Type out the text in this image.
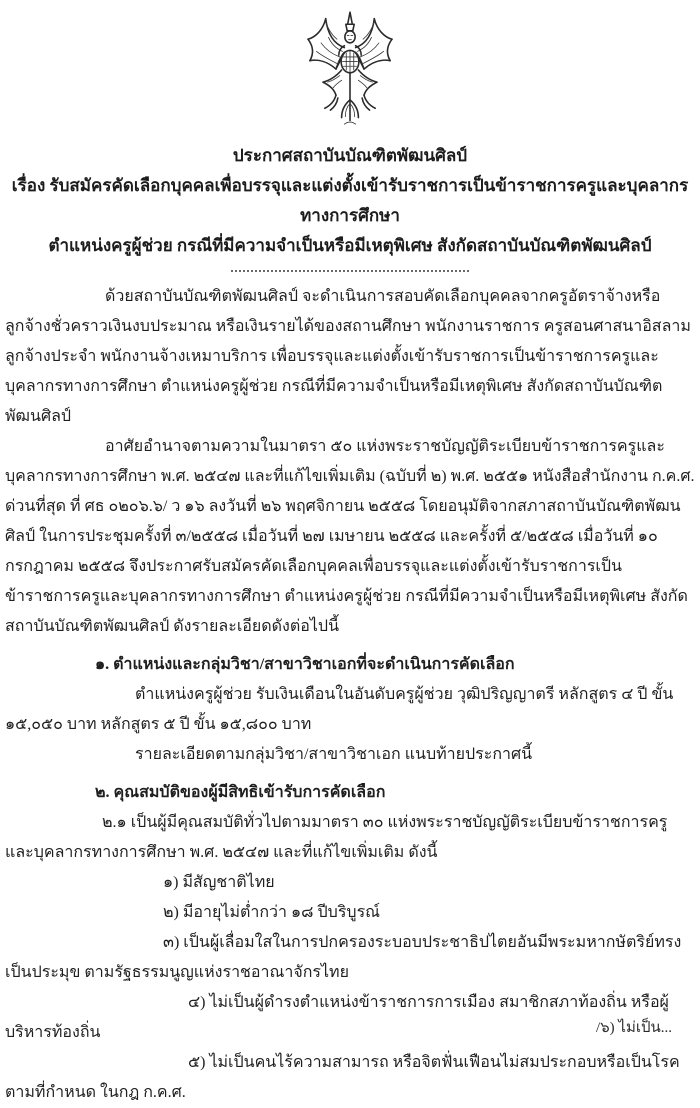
ประกาศสถาบันบัณฑิตพัฒนศิลป์
เรื่อง รับสมัครคัดเลือกบุคคลเพื่อบรรจุและแต่งตั้งเข้ารับราชการเป็นข้าราชการครูและบุคลากรทางการศึกษา
ตำแหน่งครูผู้ช่วย กรณีที่มีความจำเป็นหรือมีเหตุพิเศษ สังกัดสถาบันบัณฑิตพัฒนศิลป์

ด้วยสถาบันบัณฑิตพัฒนศิลป์ จะดำเนินการสอบคัดเลือกบุคคลจากครูอัตราจ้างหรือลูกจ้างชั่วคราวเงินงบประมาณ หรือเงินรายได้ของสถานศึกษา พนักงานราชการ ครูสอนศาสนาอิสลาม ลูกจ้างประจำ พนักงานจ้างเหมาบริการ เพื่อบรรจุและแต่งตั้งเข้ารับราชการเป็นข้าราชการครูและบุคลากรทางการศึกษา ตำแหน่งครูผู้ช่วย กรณีที่มีความจำเป็นหรือมีเหตุพิเศษ สังกัดสถาบันบัณฑิตพัฒนศิลป์

อาศัยอำนาจตามความในมาตรา ๕๐ แห่งพระราชบัญญัติระเบียบข้าราชการครูและบุคลากรทางการศึกษา พ.ศ. ๒๕๔๗ และที่แก้ไขเพิ่มเติม (ฉบับที่ ๒) พ.ศ. ๒๕๕๑ หนังสือสำนักงาน ก.ค.ศ. ด่วนที่สุด ที่ ศธ ๐๒๐๖.๖/ ว ๑๖ ลงวันที่ ๒๖ พฤศจิกายน ๒๕๕๘ โดยอนุมัติจากสภาสถาบันบัณฑิตพัฒนศิลป์ ในการประชุมครั้งที่ ๓/๒๕๕๘ เมื่อวันที่ ๒๗ เมษายน ๒๕๕๘ และครั้งที่ ๕/๒๕๕๘ เมื่อวันที่ ๑๐ กรกฎาคม ๒๕๕๘ จึงประกาศรับสมัครคัดเลือกบุคคลเพื่อบรรจุและแต่งตั้งเข้ารับราชการเป็นข้าราชการครูและบุคลากรทางการศึกษา ตำแหน่งครูผู้ช่วย กรณีที่มีความจำเป็นหรือมีเหตุพิเศษ สังกัดสถาบันบัณฑิตพัฒนศิลป์ ดังรายละเอียดดังต่อไปนี้

๑. ตำแหน่งและกลุ่มวิชา/สาขาวิชาเอกที่จะดำเนินการคัดเลือก

ตำแหน่งครูผู้ช่วย รับเงินเดือนในอันดับครูผู้ช่วย วุฒิปริญญาตรี หลักสูตร ๔ ปี ขั้น ๑๕,๐๕๐ บาท หลักสูตร ๕ ปี ขั้น ๑๕,๘๐๐ บาท

รายละเอียดตามกลุ่มวิชา/สาขาวิชาเอก แนบท้ายประกาศนี้

๒. คุณสมบัติของผู้มีสิทธิเข้ารับการคัดเลือก

๒.๑ เป็นผู้มีคุณสมบัติทั่วไปตามมาตรา ๓๐ แห่งพระราชบัญญัติระเบียบข้าราชการครูและบุคลากรทางการศึกษา พ.ศ. ๒๕๔๗ และที่แก้ไขเพิ่มเติม ดังนี้

๑) มีสัญชาติไทย

๒) มีอายุไม่ต่ำกว่า ๑๘ ปีบริบูรณ์

๓) เป็นผู้เลื่อมใสในการปกครองระบอบประชาธิปไตยอันมีพระมหากษัตริย์ทรงเป็นประมุข ตามรัฐธรรมนูญแห่งราชอาณาจักรไทย

๔) ไม่เป็นผู้ดำรงตำแหน่งข้าราชการการเมือง สมาชิกสภาท้องถิ่น หรือผู้บริหารท้องถิ่น

๕) ไม่เป็นคนไร้ความสามารถ หรือจิตฟั่นเฟือนไม่สมประกอบหรือเป็นโรคตามที่กำหนด ในกฎ ก.ค.ศ.

/๖) ไม่เป็น...
